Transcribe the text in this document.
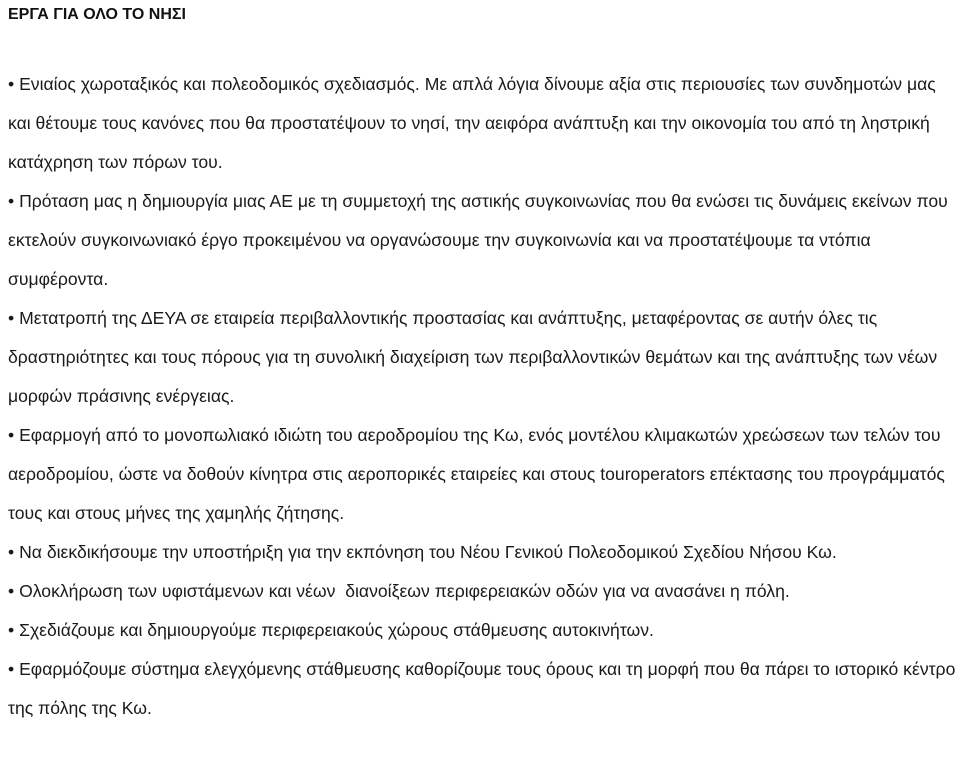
ΕΡΓΑ ΓΙΑ ΟΛΟ ΤΟ ΝΗΣΙ
• Ενιαίος χωροταξικός και πολεοδομικός σχεδιασμός. Με απλά λόγια δίνουμε αξία στις περιουσίες των συνδημοτών μας και θέτουμε τους κανόνες που θα προστατέψουν το νησί, την αειφόρα ανάπτυξη και την οικονομία του από τη ληστρική κατάχρηση των πόρων του.
• Πρόταση μας η δημιουργία μιας ΑΕ με τη συμμετοχή της αστικής συγκοινωνίας που θα ενώσει τις δυνάμεις εκείνων που εκτελούν συγκοινωνιακό έργο προκειμένου να οργανώσουμε την συγκοινωνία και να προστατέψουμε τα ντόπια συμφέροντα.
• Μετατροπή της ΔΕΥΑ σε εταιρεία περιβαλλοντικής προστασίας και ανάπτυξης, μεταφέροντας σε αυτήν όλες τις δραστηριότητες και τους πόρους για τη συνολική διαχείριση των περιβαλλοντικών θεμάτων και της ανάπτυξης των νέων μορφών πράσινης ενέργειας.
• Εφαρμογή από το μονοπωλιακό ιδιώτη του αεροδρομίου της Κω, ενός μοντέλου κλιμακωτών χρεώσεων των τελών του αεροδρομίου, ώστε να δοθούν κίνητρα στις αεροπορικές εταιρείες και στους touroperators επέκτασης του προγράμματός τους και στους μήνες της χαμηλής ζήτησης.
• Να διεκδικήσουμε την υποστήριξη για την εκπόνηση του Νέου Γενικού Πολεοδομικού Σχεδίου Νήσου Κω.
• Ολοκλήρωση των υφιστάμενων και νέων  διανοίξεων περιφερειακών οδών για να ανασάνει η πόλη.
• Σχεδιάζουμε και δημιουργούμε περιφερειακούς χώρους στάθμευσης αυτοκινήτων.
• Εφαρμόζουμε σύστημα ελεγχόμενης στάθμευσης καθορίζουμε τους όρους και τη μορφή που θα πάρει το ιστορικό κέντρο της πόλης της Κω.
